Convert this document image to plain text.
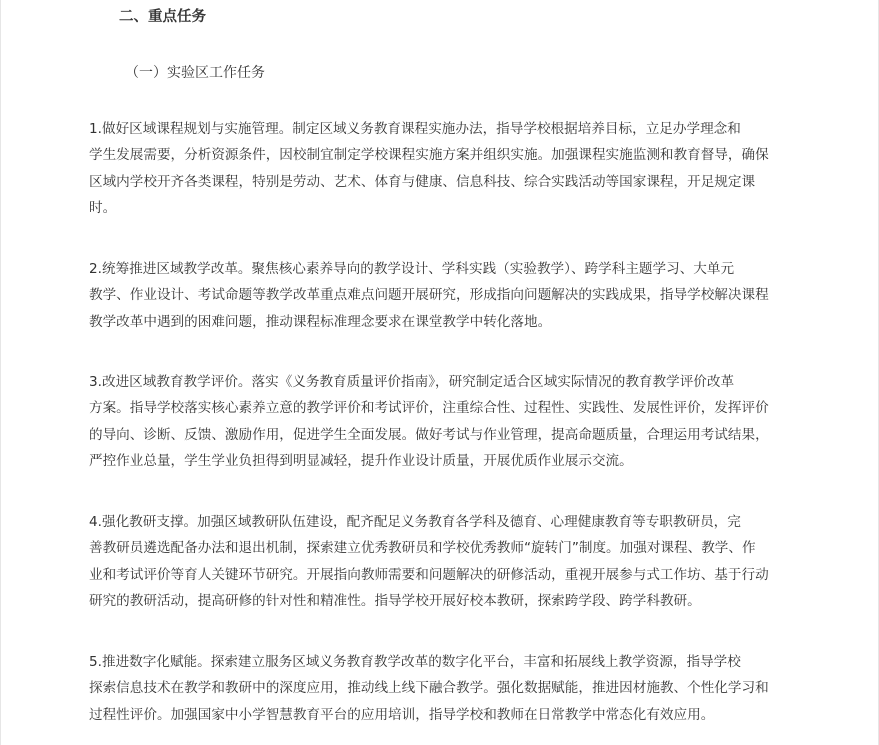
二、重点任务
（一）实验区工作任务
1.做好区域课程规划与实施管理。制定区域义务教育课程实施办法，指导学校根据培养目标，立足办学理念和
学生发展需要，分析资源条件，因校制宜制定学校课程实施方案并组织实施。加强课程实施监测和教育督导，确保
区域内学校开齐各类课程，特别是劳动、艺术、体育与健康、信息科技、综合实践活动等国家课程，开足规定课
时。
2.统筹推进区域教学改革。聚焦核心素养导向的教学设计、学科实践（实验教学）、跨学科主题学习、大单元
教学、作业设计、考试命题等教学改革重点难点问题开展研究，形成指向问题解决的实践成果，指导学校解决课程
教学改革中遇到的困难问题，推动课程标准理念要求在课堂教学中转化落地。
3.改进区域教育教学评价。落实《义务教育质量评价指南》，研究制定适合区域实际情况的教育教学评价改革
方案。指导学校落实核心素养立意的教学评价和考试评价，注重综合性、过程性、实践性、发展性评价，发挥评价
的导向、诊断、反馈、激励作用，促进学生全面发展。做好考试与作业管理，提高命题质量，合理运用考试结果，
严控作业总量，学生学业负担得到明显减轻，提升作业设计质量，开展优质作业展示交流。
4.强化教研支撑。加强区域教研队伍建设，配齐配足义务教育各学科及德育、心理健康教育等专职教研员，完
善教研员遴选配备办法和退出机制，探索建立优秀教研员和学校优秀教师“旋转门”制度。加强对课程、教学、作
业和考试评价等育人关键环节研究。开展指向教师需要和问题解决的研修活动，重视开展参与式工作坊、基于行动
研究的教研活动，提高研修的针对性和精准性。指导学校开展好校本教研，探索跨学段、跨学科教研。
5.推进数字化赋能。探索建立服务区域义务教育教学改革的数字化平台，丰富和拓展线上教学资源，指导学校
探索信息技术在教学和教研中的深度应用，推动线上线下融合教学。强化数据赋能，推进因材施教、个性化学习和
过程性评价。加强国家中小学智慧教育平台的应用培训，指导学校和教师在日常教学中常态化有效应用。
